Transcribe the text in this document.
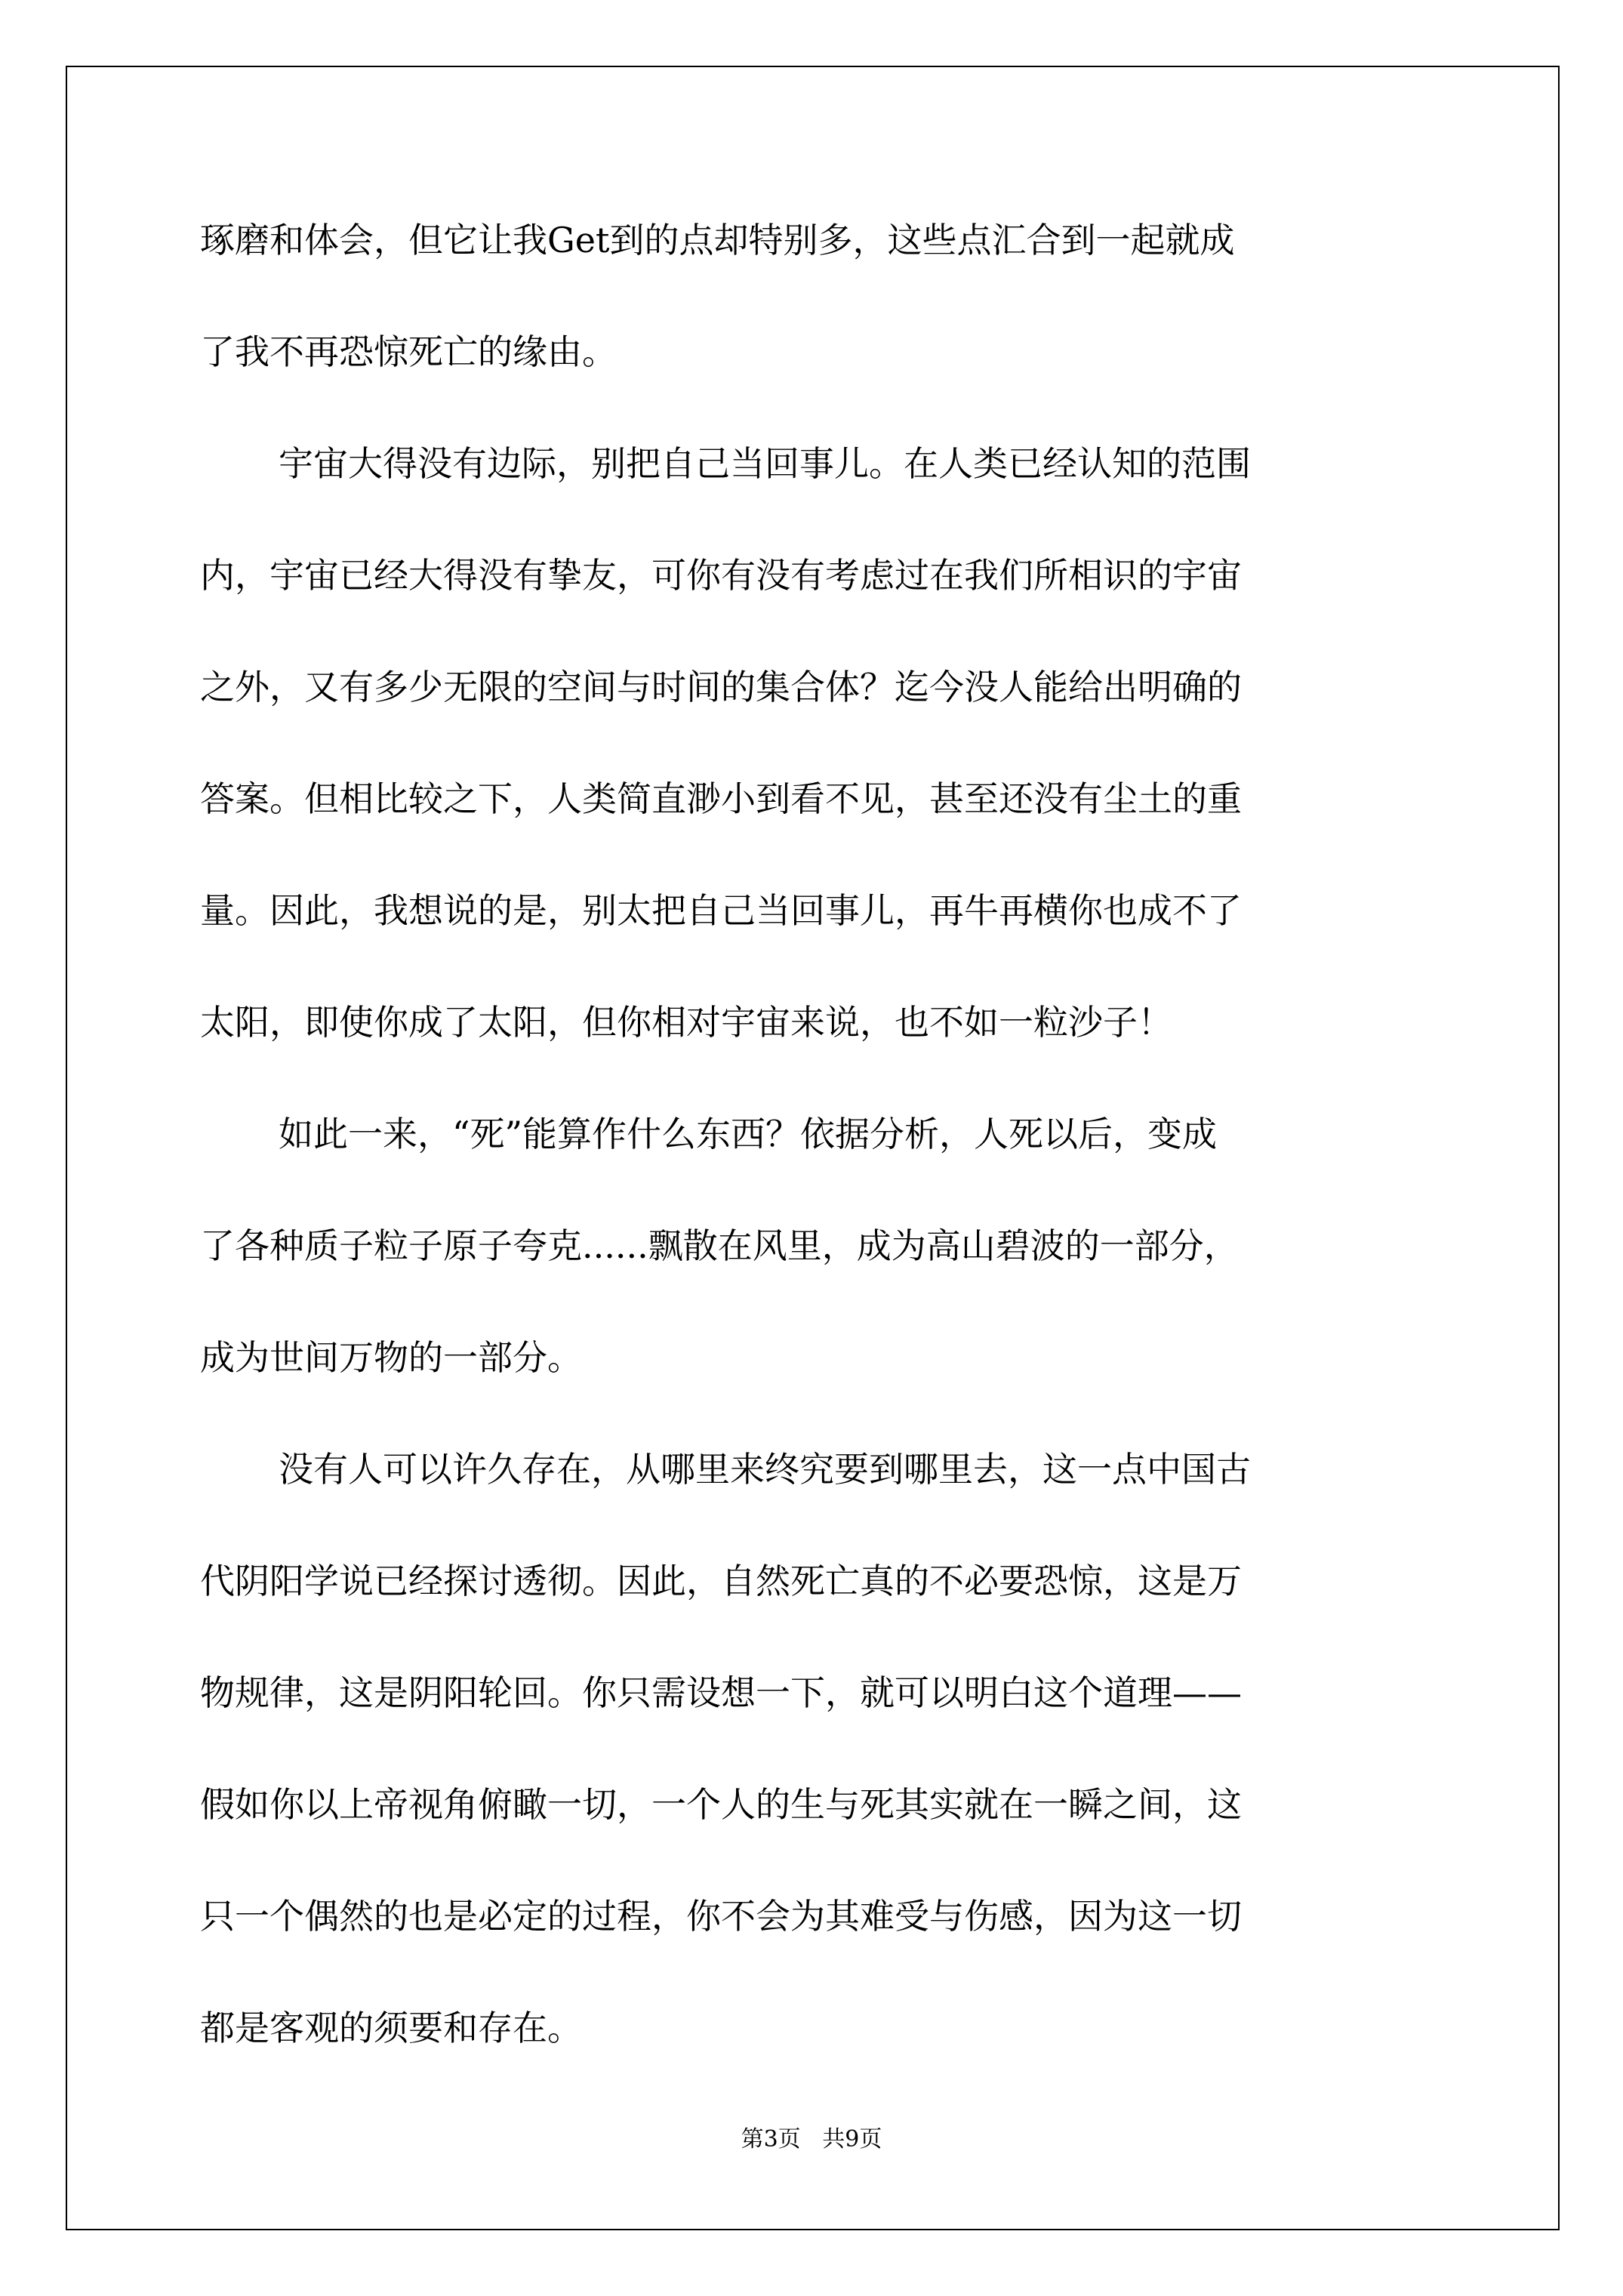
琢磨和体会，但它让我Get到的点却特别多，这些点汇合到一起就成
了我不再恐惊死亡的缘由。
宇宙大得没有边际，别把自己当回事儿。在人类已经认知的范围
内，宇宙已经大得没有挚友，可你有没有考虑过在我们所相识的宇宙
之外，又有多少无限的空间与时间的集合体？迄今没人能给出明确的
答案。但相比较之下，人类简直渺小到看不见，甚至还没有尘土的重
量。因此，我想说的是，别太把自己当回事儿，再牛再横你也成不了
太阳，即使你成了太阳，但你相对宇宙来说，也不如一粒沙子！
如此一来，“死”能算作什么东西？依据分析，人死以后，变成
了各种质子粒子原子夸克......飘散在风里，成为高山碧波的一部分，
成为世间万物的一部分。
没有人可以许久存在，从哪里来终究要到哪里去，这一点中国古
代阴阳学说已经探讨透彻。因此，自然死亡真的不必要恐惊，这是万
物规律，这是阴阳轮回。你只需设想一下，就可以明白这个道理——
假如你以上帝视角俯瞰一切，一个人的生与死其实就在一瞬之间，这
只一个偶然的也是必定的过程，你不会为其难受与伤感，因为这一切
都是客观的须要和存在。
第3页   共9页
